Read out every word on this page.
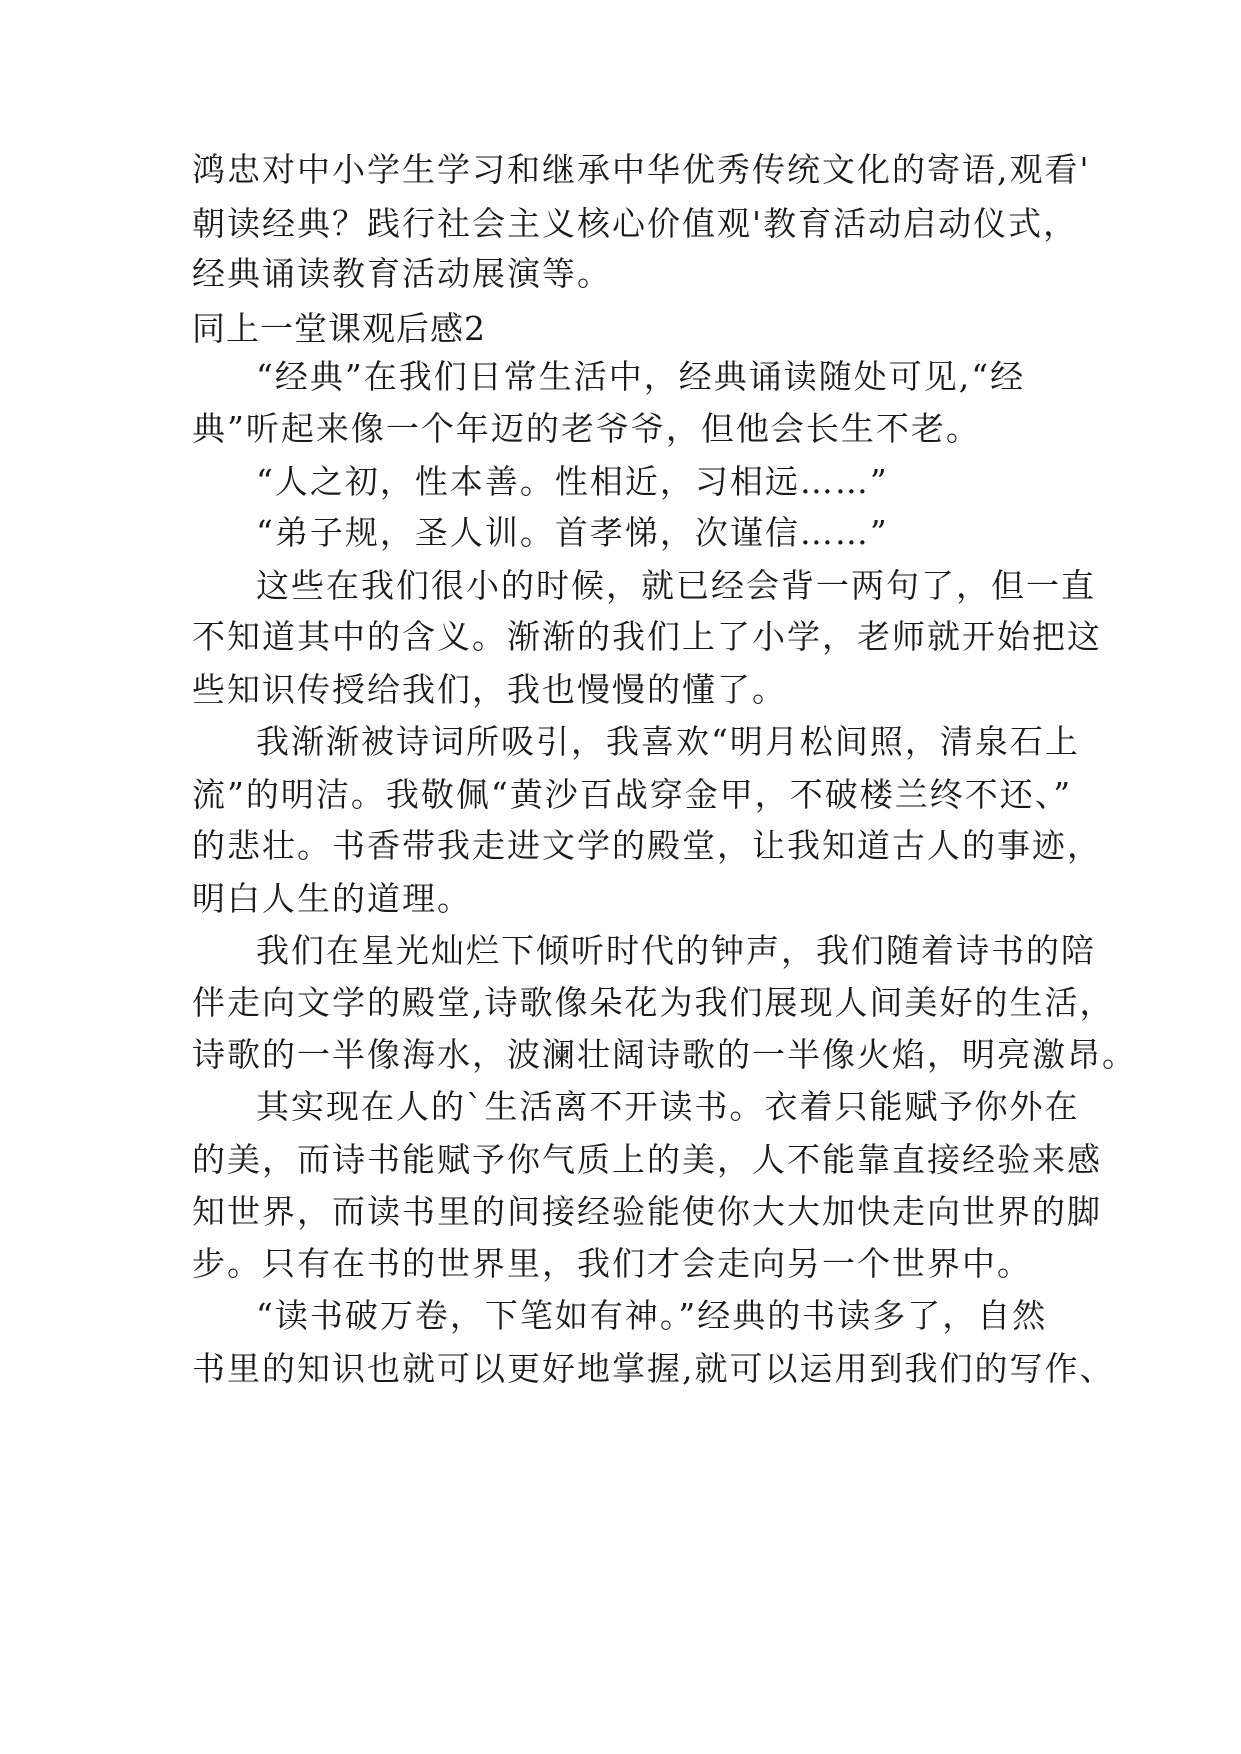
鸿忠对中小学生学习和继承中华优秀传统文化的寄语,观看'
朝读经典？践行社会主义核心价值观'教育活动启动仪式，
经典诵读教育活动展演等。
同上一堂课观后感2
“经典”在我们日常生活中，经典诵读随处可见,“经
典”听起来像一个年迈的老爷爷，但他会长生不老。
“人之初，性本善。性相近，习相远……”
“弟子规，圣人训。首孝悌，次谨信……”
这些在我们很小的时候，就已经会背一两句了，但一直
不知道其中的含义。渐渐的我们上了小学，老师就开始把这
些知识传授给我们，我也慢慢的懂了。
我渐渐被诗词所吸引，我喜欢“明月松间照，清泉石上
流”的明洁。我敬佩“黄沙百战穿金甲，不破楼兰终不还、”
的悲壮。书香带我走进文学的殿堂，让我知道古人的事迹，
明白人生的道理。
我们在星光灿烂下倾听时代的钟声，我们随着诗书的陪
伴走向文学的殿堂,诗歌像朵花为我们展现人间美好的生活，
诗歌的一半像海水，波澜壮阔诗歌的一半像火焰，明亮激昂。
其实现在人的`生活离不开读书。衣着只能赋予你外在
的美，而诗书能赋予你气质上的美，人不能靠直接经验来感
知世界，而读书里的间接经验能使你大大加快走向世界的脚
步。只有在书的世界里，我们才会走向另一个世界中。
“读书破万卷，下笔如有神。”经典的书读多了，自然
书里的知识也就可以更好地掌握,就可以运用到我们的写作、
